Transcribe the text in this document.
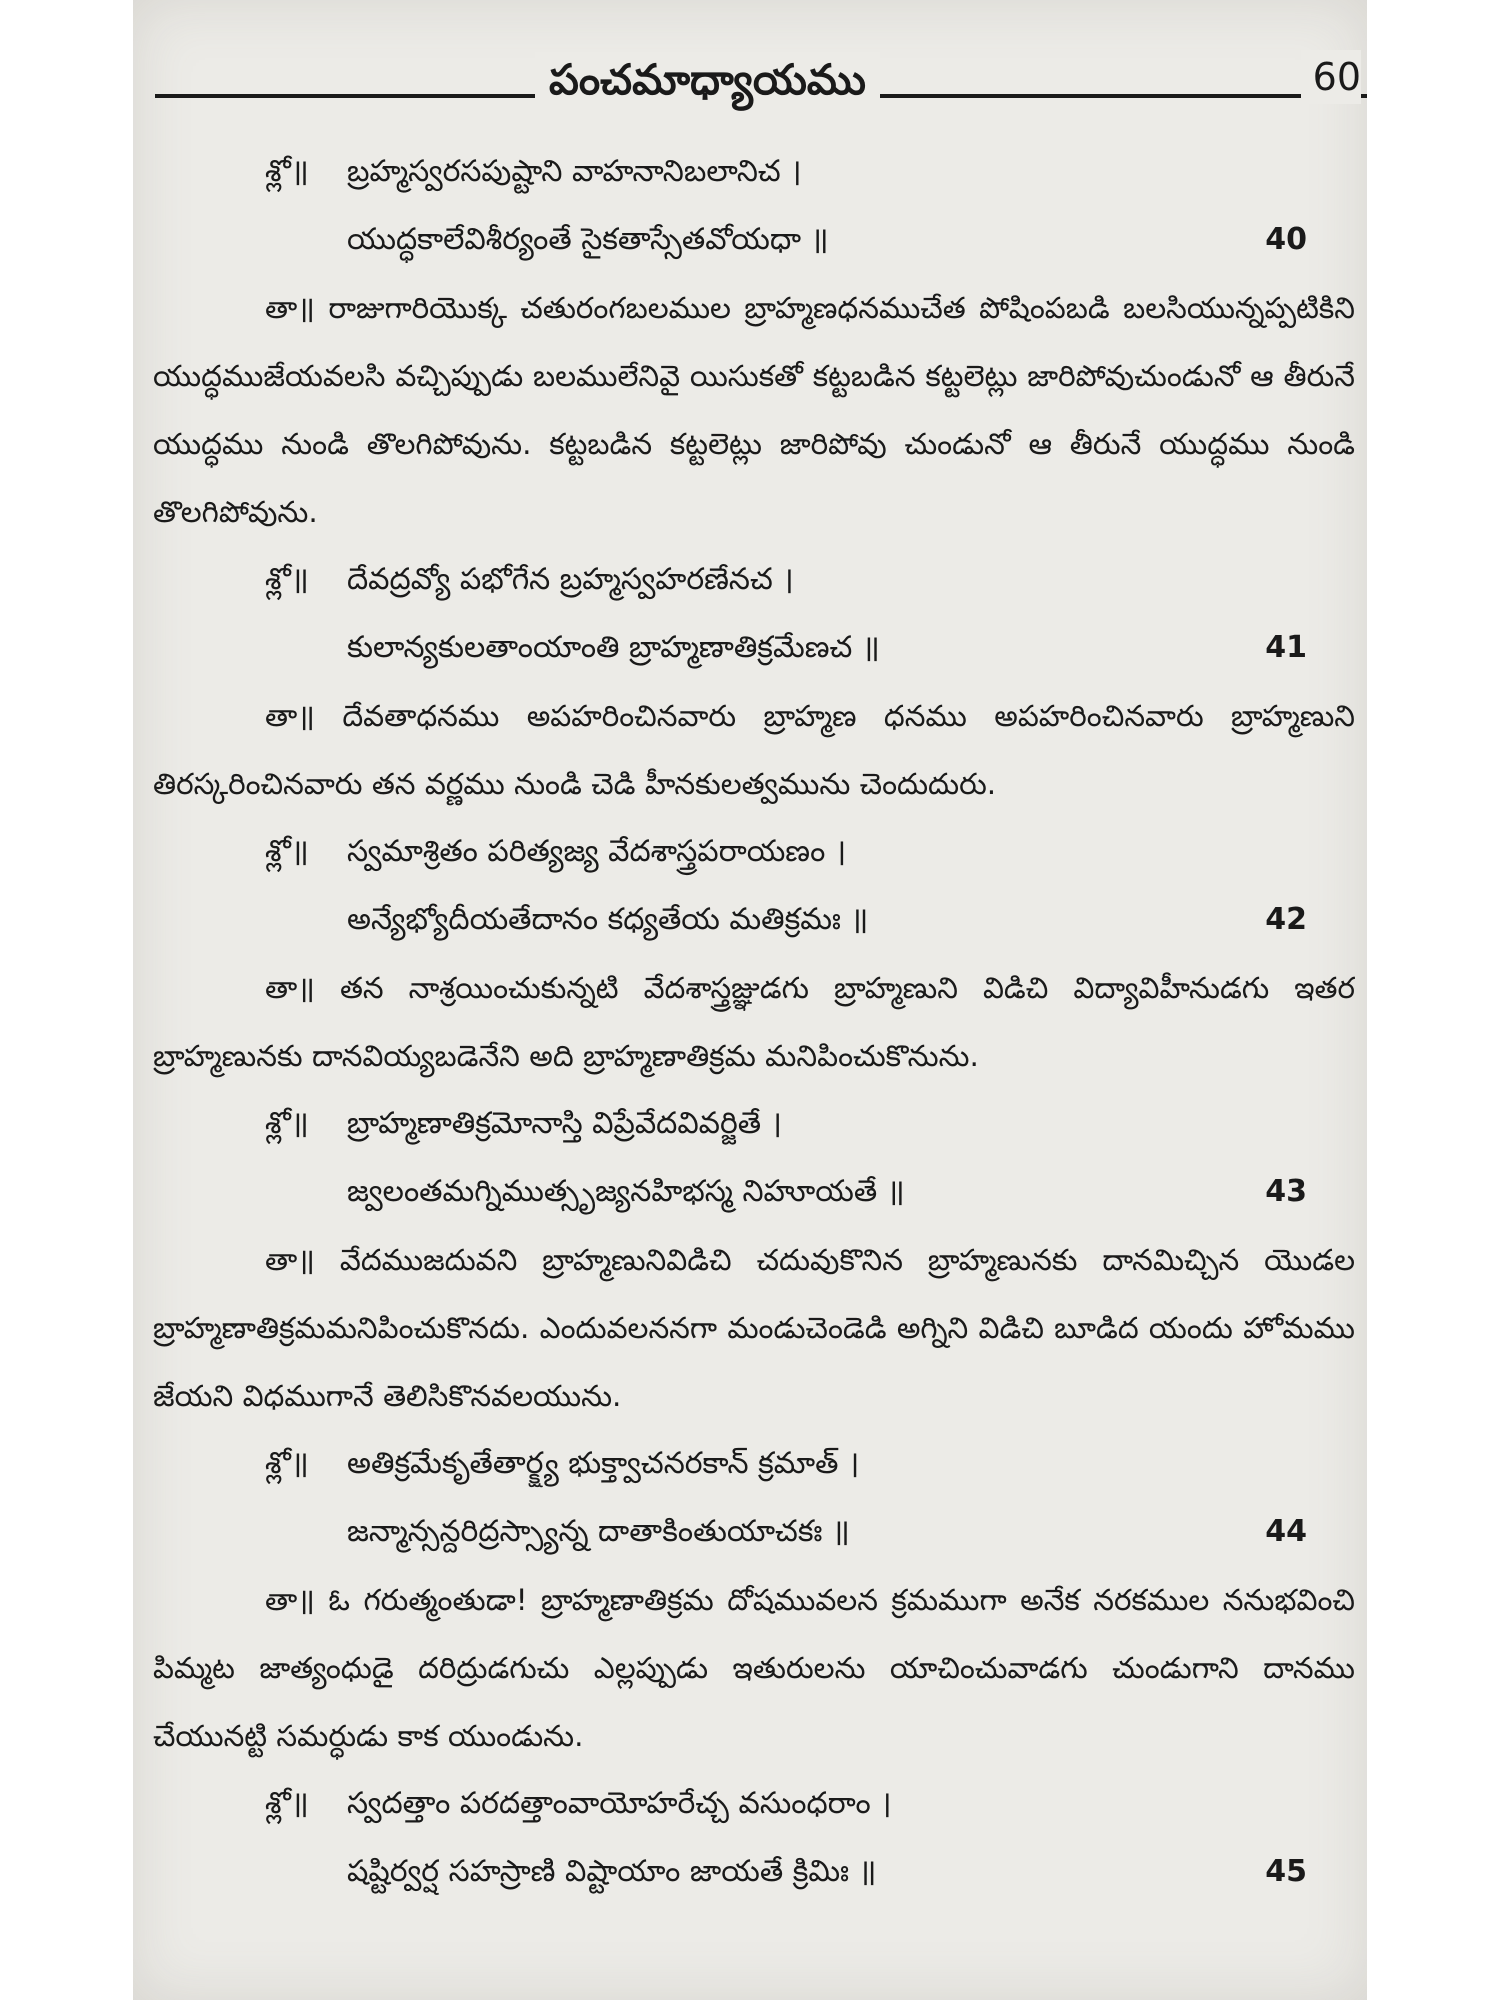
పంచమాధ్యాయము	60
శ్లో॥	బ్రహ్మస్వరసపుష్టాని వాహనానిబలానిచ ।
యుద్ధకాలేవిశీర్యంతే సైకతాస్సేతవోయధా ॥	40

తా॥ రాజుగారియొక్క చతురంగబలముల బ్రాహ్మణధనముచేత పోషింపబడి బలసియున్నప్పటికిని యుద్ధముజేయవలసి వచ్చిప్పుడు బలములేనివై యిసుకతో కట్టబడిన కట్టలెట్లు జారిపోవుచుండునో ఆ తీరునే యుద్ధము నుండి తొలగిపోవును. కట్టబడిన కట్టలెట్లు జారిపోవు చుండునో ఆ తీరునే యుద్ధము నుండి తొలగిపోవును.

శ్లో॥	దేవద్రవ్యో పభోగేన బ్రహ్మస్వహరణేనచ ।
కులాన్యకులతాంయాంతి బ్రాహ్మణాతిక్రమేణచ ॥	41

తా॥ దేవతాధనము అపహరించినవారు బ్రాహ్మణ ధనము అపహరించినవారు బ్రాహ్మణుని తిరస్కరించినవారు తన వర్ణము నుండి చెడి హీనకులత్వమును చెందుదురు.

శ్లో॥	స్వమాశ్రితం పరిత్యజ్య వేదశాస్త్రపరాయణం ।
అన్యేభ్యోదీయతేదానం కధ్యతేయ మతిక్రమః ॥	42

తా॥ తన నాశ్రయించుకున్నటి వేదశాస్త్రజ్ఞుడగు బ్రాహ్మణుని విడిచి విద్యావిహీనుడగు ఇతర బ్రాహ్మణునకు దానవియ్యబడెనేని అది బ్రాహ్మణాతిక్రమ మనిపించుకొనును.

శ్లో॥	బ్రాహ్మణాతిక్రమోనాస్తి విప్రేవేదవివర్జితే ।
జ్వలంతమగ్నిముత్సృజ్యనహిభస్మ నిహూయతే ॥	43

తా॥ వేదముజదువని బ్రాహ్మణునివిడిచి చదువుకొనిన బ్రాహ్మణునకు దానమిచ్చిన యొడల బ్రాహ్మణాతిక్రమమనిపించుకొనదు. ఎందువలననగా మండుచెండెడి అగ్నిని విడిచి బూడిద యందు హోమము జేయని విధముగానే తెలిసికొనవలయును.

శ్లో॥	అతిక్రమేకృతేతార్క్ష్య భుక్త్వాచనరకాన్ క్రమాత్ ।
జన్మాన్సన్దరిద్రస్స్యాన్న దాతాకింతుయాచకః ॥	44

తా॥ ఓ గరుత్మంతుడా! బ్రాహ్మణాతిక్రమ దోషమువలన క్రమముగా అనేక నరకముల ననుభవించి పిమ్మట జాత్యంధుడై దరిద్రుడగుచు ఎల్లప్పుడు ఇతురులను యాచించువాడగు చుండుగాని దానము చేయునట్టి సమర్ధుడు కాక యుండును.

శ్లో॥	స్వదత్తాం పరదత్తాంవాయోహరేచ్చ వసుంధరాం ।
షష్టిర్వర్ష సహస్రాణి విష్టాయాం జాయతే క్రిమిః ॥	45
